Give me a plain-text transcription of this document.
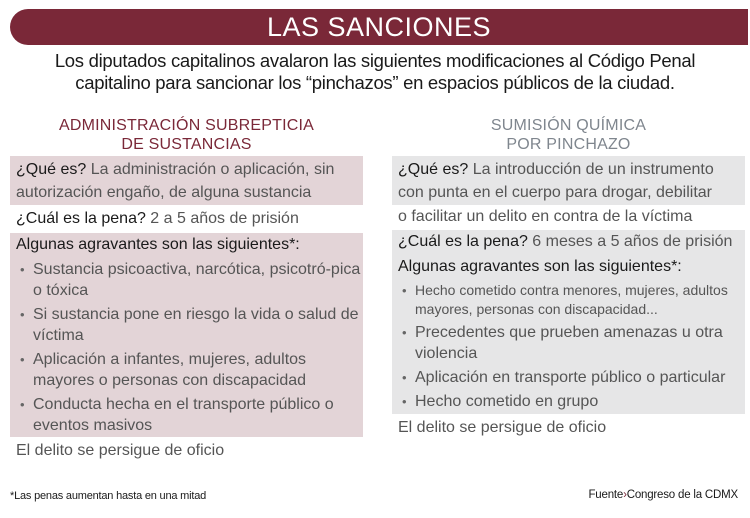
LAS SANCIONES
Los diputados capitalinos avalaron las siguientes modificaciones al Código Penal
capitalino para sancionar los “pinchazos” en espacios públicos de la ciudad.
ADMINISTRACIÓN SUBREPTICIA
DE SUSTANCIAS
¿Qué es? La administración o aplicación, sin
autorización engaño, de alguna sustancia
¿Cuál es la pena? 2 a 5 años de prisión
Algunas agravantes son las siguientes*:
• Sustancia psicoactiva, narcótica, psicotró-pica o tóxica
• Si sustancia pone en riesgo la vida o salud de víctima
• Aplicación a infantes, mujeres, adultos mayores o personas con discapacidad
• Conducta hecha en el transporte público o eventos masivos
El delito se persigue de oficio
SUMISIÓN QUÍMICA
POR PINCHAZO
¿Qué es? La introducción de un instrumento
con punta en el cuerpo para drogar, debilitar
o facilitar un delito en contra de la víctima
¿Cuál es la pena? 6 meses a 5 años de prisión
Algunas agravantes son las siguientes*:
• Hecho cometido contra menores, mujeres, adultos mayores, personas con discapacidad...
• Precedentes que prueben amenazas u otra violencia
• Aplicación en transporte público o particular
• Hecho cometido en grupo
El delito se persigue de oficio
*Las penas aumentan hasta en una mitad	Fuente›Congreso de la CDMX
